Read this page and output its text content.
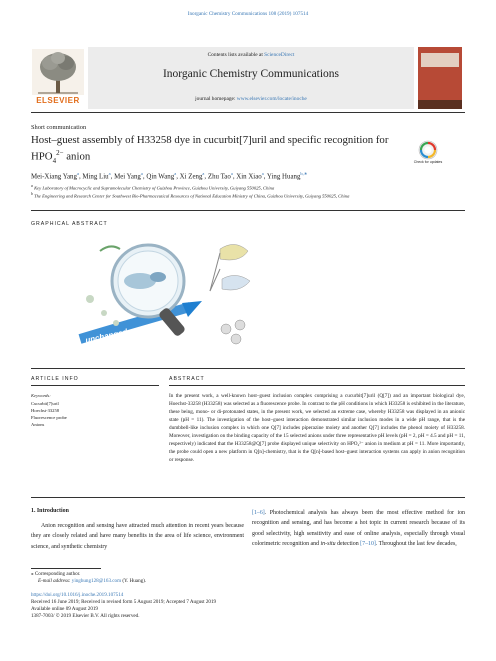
Inorganic Chemistry Communications 108 (2019) 107514
ELSEVIER
Contents lists available at ScienceDirect
Inorganic Chemistry Communications
journal homepage: www.elsevier.com/locate/inoche
Short communication
Host–guest assembly of H33258 dye in cucurbit[7]uril and specific recognition for $HPO_4^{2-}$ anion	Check for updates
Mei-Xiang Yang$^a$, Ming Liu$^a$, Mei Yang$^a$, Qin Wang$^a$, Xi Zeng$^a$, Zhu Tao$^a$, Xin Xiao$^a$, Ying Huang$^{b,∗}$
$^a$ Key Laboratory of Macrocyclic and Supramolecular Chemistry of Guizhou Province, Guizhou University, Guiyang 550025, China
$^b$ The Engineering and Research Center for Southwest Bio-Pharmaceutical Resources of National Education Ministry of China, Guizhou University, Guiyang 550025, China
GRAPHICAL ABSTRACT
unchanged
ARTICLE INFO	ABSTRACT
Keywords:
Cucurbit[7]uril
Hoechst-33258
Fluorescence probe
Anions
In the present work, a well-known host–guest inclusion complex comprising a cucurbit[7]uril (Q[7]) and an important biological dye, Hoechst-33258 (H33258) was selected as a fluorescence probe. In contrast to the pH conditions in which H33258 is exhibited in the literature, these being, mono- or di-protonated states, in the present work, we selected an extreme case, whereby H33258 was displayed in an anionic state (pH = 11). The investigation of the host–guest interaction demonstrated similar inclusion modes in a wide pH range, that is the dumbbell-like inclusion complex in which one Q[7] includes piperazine moiety and another Q[7] includes the phenol moiety of H33258. Moreover, investigation on the binding capacity of the 15 selected anions under three representative pH levels (pH = 2, pH = 4.5 and pH = 11, respectively) indicated that the H33258@Q[7] probe displayed unique selectivity on HPO₄²⁻ anion in medium at pH = 11. More importantly, the probe could open a new platform in Q[n]-chemistry, that is the Q[n]-based host–guest interaction systems can apply in anion recognition or response.
1. Introduction
Anion recognition and sensing have attracted much attention in recent years because they are closely related and have many benefits in the area of life science, environment science, and synthetic chemistry
[1–6]. Photochemical analysis has always been the most effective method for ion recognition and sensing, and has become a hot topic in current research because of its good selectivity, high sensitivity and ease of online analysis, especially through visual colorimetric recognition and in-situ detection [7–10]. Throughout the last few decades,
⁎ Corresponding author.
E-mail address: yinghung128@163.com (Y. Huang).
https://doi.org/10.1016/j.inoche.2019.107514
Received 16 June 2019; Received in revised form 5 August 2019; Accepted 7 August 2019
Available online 09 August 2019
1387-7003/ © 2019 Elsevier B.V. All rights reserved.
